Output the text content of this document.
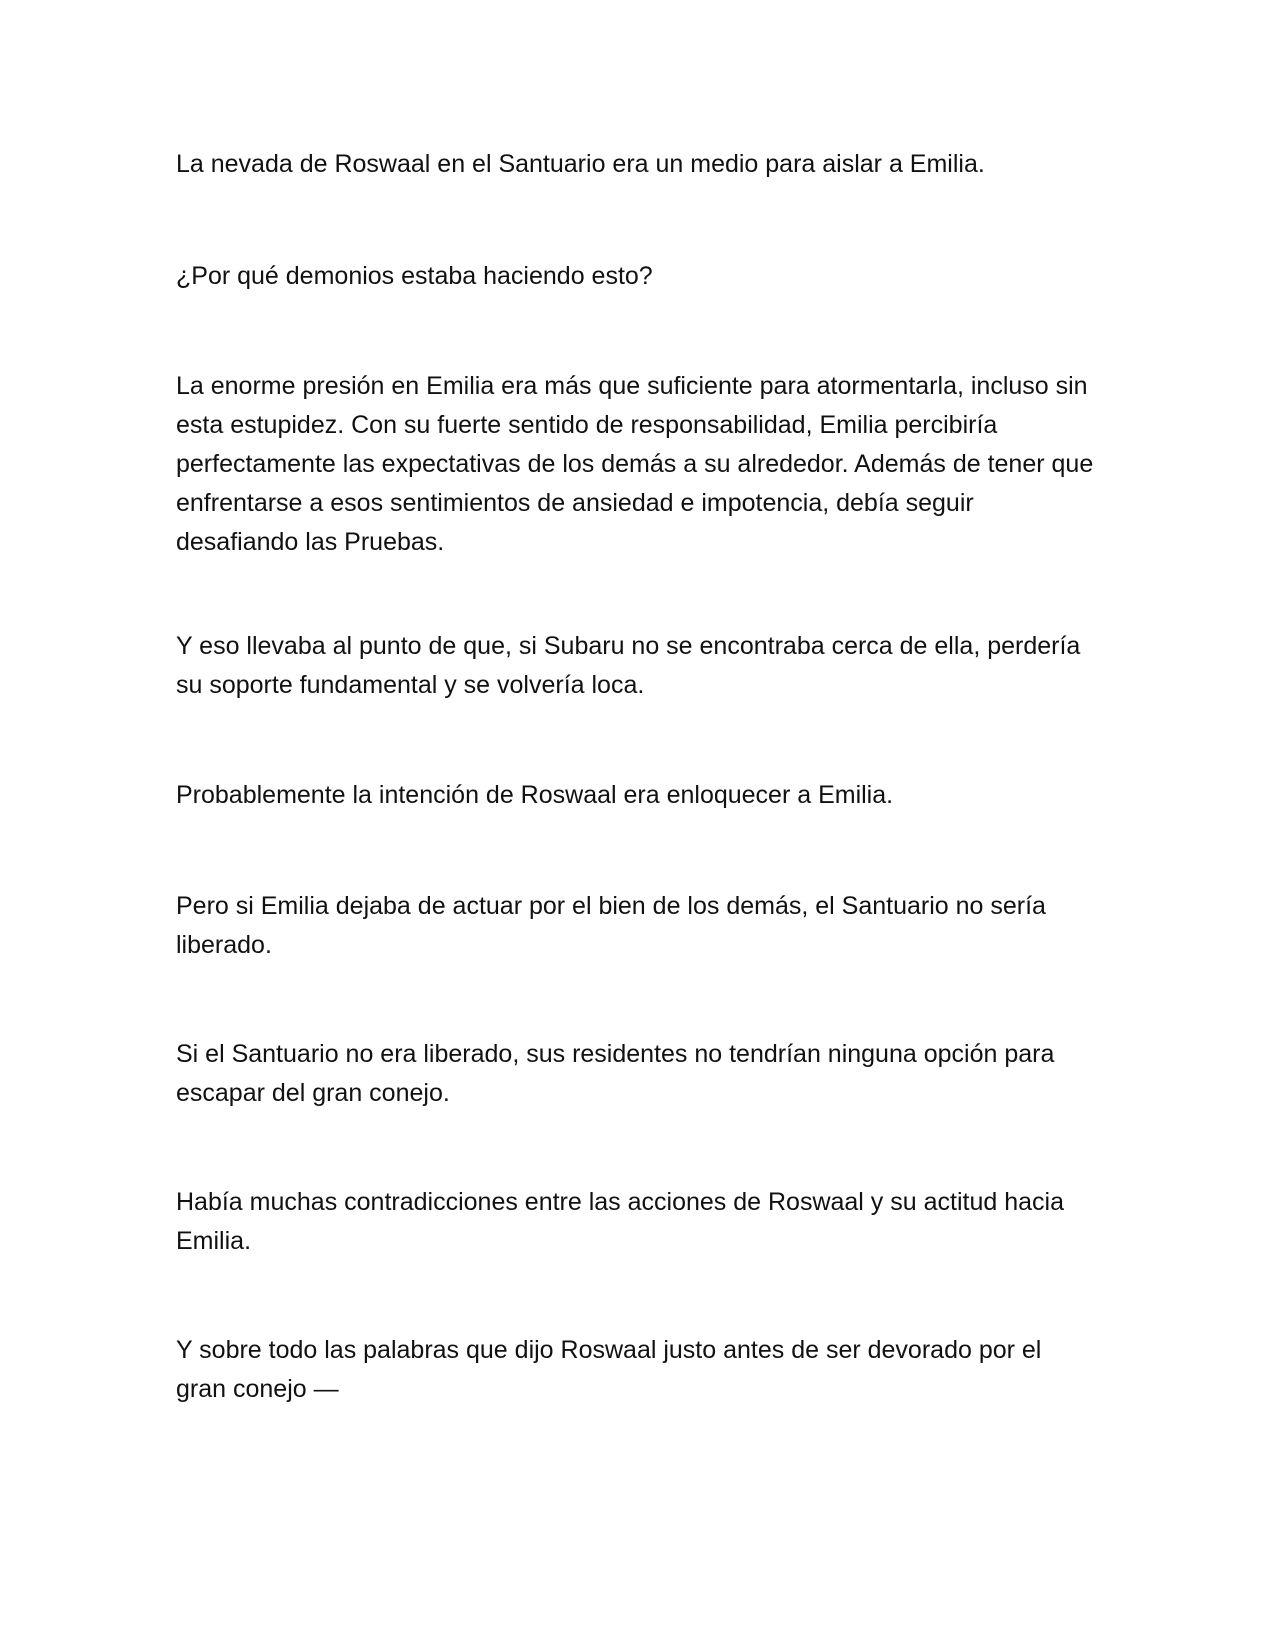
La nevada de Roswaal en el Santuario era un medio para aislar a Emilia.

¿Por qué demonios estaba haciendo esto?

La enorme presión en Emilia era más que suficiente para atormentarla, incluso sin esta estupidez. Con su fuerte sentido de responsabilidad, Emilia percibiría perfectamente las expectativas de los demás a su alrededor. Además de tener que enfrentarse a esos sentimientos de ansiedad e impotencia, debía seguir desafiando las Pruebas.

Y eso llevaba al punto de que, si Subaru no se encontraba cerca de ella, perdería su soporte fundamental y se volvería loca.

Probablemente la intención de Roswaal era enloquecer a Emilia.

Pero si Emilia dejaba de actuar por el bien de los demás, el Santuario no sería liberado.

Si el Santuario no era liberado, sus residentes no tendrían ninguna opción para escapar del gran conejo.

Había muchas contradicciones entre las acciones de Roswaal y su actitud hacia Emilia.

Y sobre todo las palabras que dijo Roswaal justo antes de ser devorado por el gran conejo —
